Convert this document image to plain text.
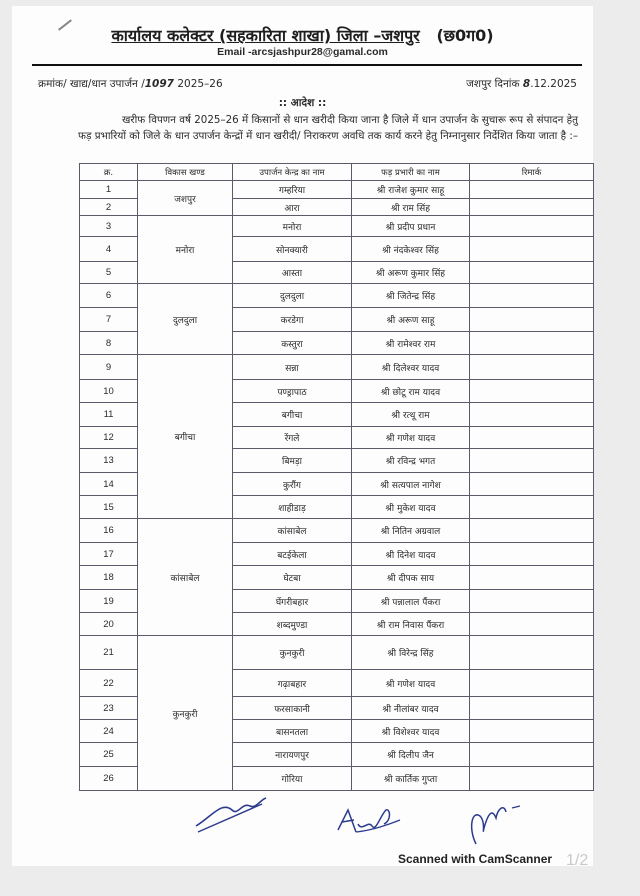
कार्यालय कलेक्टर (सहकारिता शाखा) जिला –जशपुर (छ0ग0)
Email -arcsjashpur28@gamal.com
क्रमांक/ खाद्य/धान उपार्जन /1097 2025–26	जशपुर दिनांक 8.12.2025
:: आदेश ::
खरीफ विपणन वर्ष 2025–26 में किसानों से धान खरीदी किया जाना है जिले में धान उपार्जन के सुचारू रूप से संपादन हेतु फड़ प्रभारियों को जिले के धान उपार्जन केन्द्रों में धान खरीदी/ निराकरण अवधि तक कार्य करने हेतु निम्नानुसार निर्देशित किया जाता है :–
क्र.	विकास खण्ड	उपार्जन केन्द्र का नाम	फड़ प्रभारी का नाम	रिमार्क
1	जशपुर	गम्हरिया	श्री राजेश कुमार साहू	
2		आरा	श्री राम सिंह	
3	मनोरा	मनोरा	श्री प्रदीप प्रधान	
4		सोनक्यारी	श्री नंदकेश्वर सिंह	
5		आस्ता	श्री अरूण कुमार सिंह	
6	दुलदुला	दुलदुला	श्री जितेन्द्र सिंह	
7		करडेगा	श्री अरूण साहू	
8		कस्तुरा	श्री रामेश्वर राम	
9	बगीचा	सन्ना	श्री दिलेश्वर यादव	
10		पण्ड्रापाठ	श्री छोटू राम यादव	
11		बगीचा	श्री रत्थू राम	
12		रेंगले	श्री गणेश यादव	
13		बिमड़ा	श्री रविन्द्र भगत	
14		कुरौंग	श्री सत्यपाल नागेश	
15		शाहीडाड़	श्री मुकेश यादव	
16	कांसाबेल	कांसाबेल	श्री नितिन अग्रवाल	
17		बटईकेला	श्री दिनेश यादव	
18		घेटबा	श्री दीपक साय	
19		घेंगरीबहार	श्री पन्नालाल पैंकरा	
20		शब्दमुण्डा	श्री राम निवास पैंकरा	
21	कुनकुरी	कुनकुरी	श्री विरेन्द्र सिंह	
22		गढ़ाबहार	श्री गणेश यादव	
23		फरसाकानी	श्री नीलांबर यादव	
24		बासनतला	श्री विशेश्वर यादव	
25		नारायणपुर	श्री दिलीप जैन	
26		गोरिया	श्री कार्तिक गुप्ता	
Scanned with CamScanner 1/2
